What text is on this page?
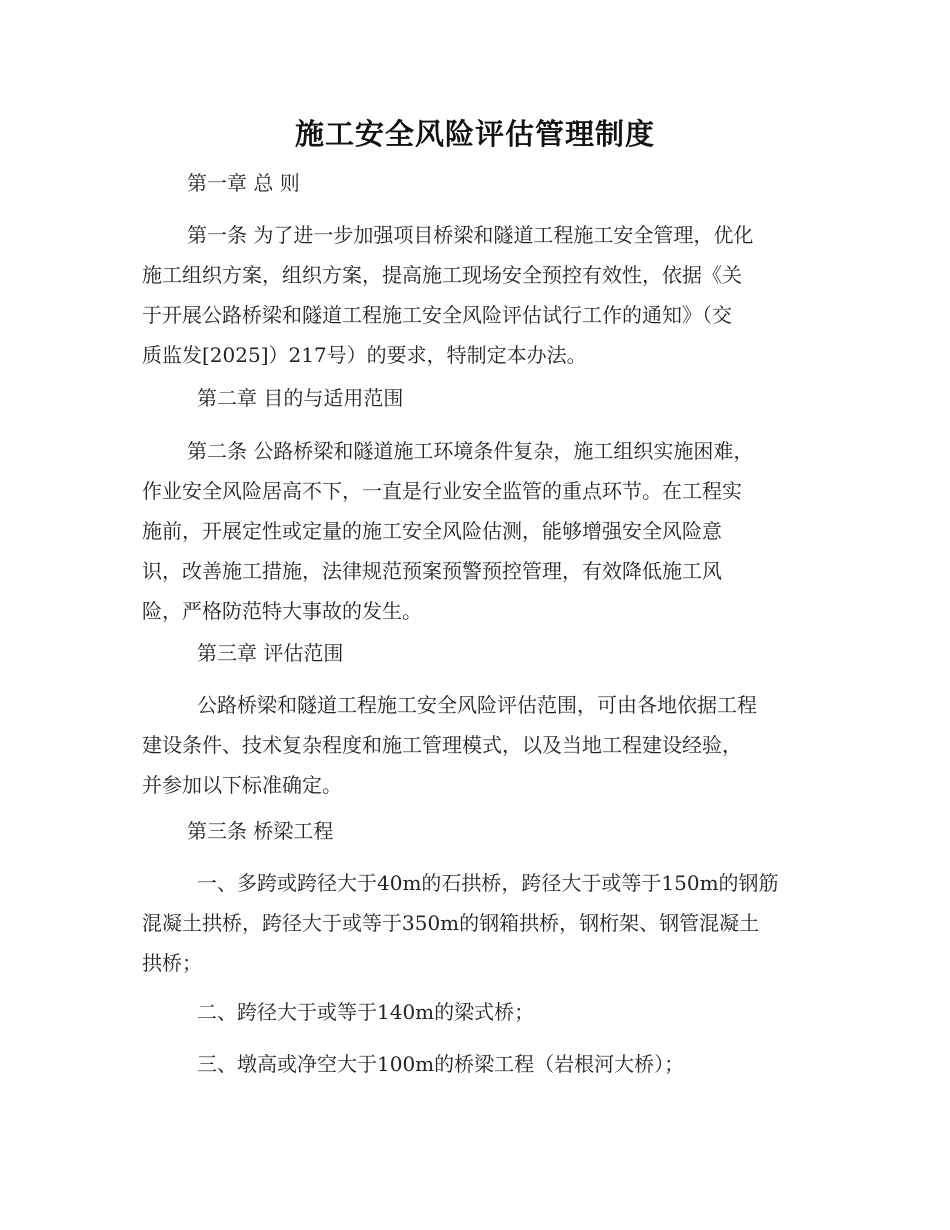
施工安全风险评估管理制度
第一章 总 则
第一条 为了进一步加强项目桥梁和隧道工程施工安全管理，优化
施工组织方案，组织方案，提高施工现场安全预控有效性，依据《关
于开展公路桥梁和隧道工程施工安全风险评估试行工作的通知》（交
质监发[2025]）217号）的要求，特制定本办法。
第二章 目的与适用范围
第二条 公路桥梁和隧道施工环境条件复杂，施工组织实施困难，
作业安全风险居高不下，一直是行业安全监管的重点环节。在工程实
施前，开展定性或定量的施工安全风险估测，能够增强安全风险意
识，改善施工措施，法律规范预案预警预控管理，有效降低施工风
险，严格防范特大事故的发生。
第三章 评估范围
公路桥梁和隧道工程施工安全风险评估范围，可由各地依据工程
建设条件、技术复杂程度和施工管理模式，以及当地工程建设经验，
并参加以下标准确定。
第三条 桥梁工程
一、多跨或跨径大于40m的石拱桥，跨径大于或等于150m的钢筋
混凝土拱桥，跨径大于或等于350m的钢箱拱桥，钢桁架、钢管混凝土
拱桥；
二、跨径大于或等于140m的梁式桥；
三、墩高或净空大于100m的桥梁工程（岩根河大桥）；
